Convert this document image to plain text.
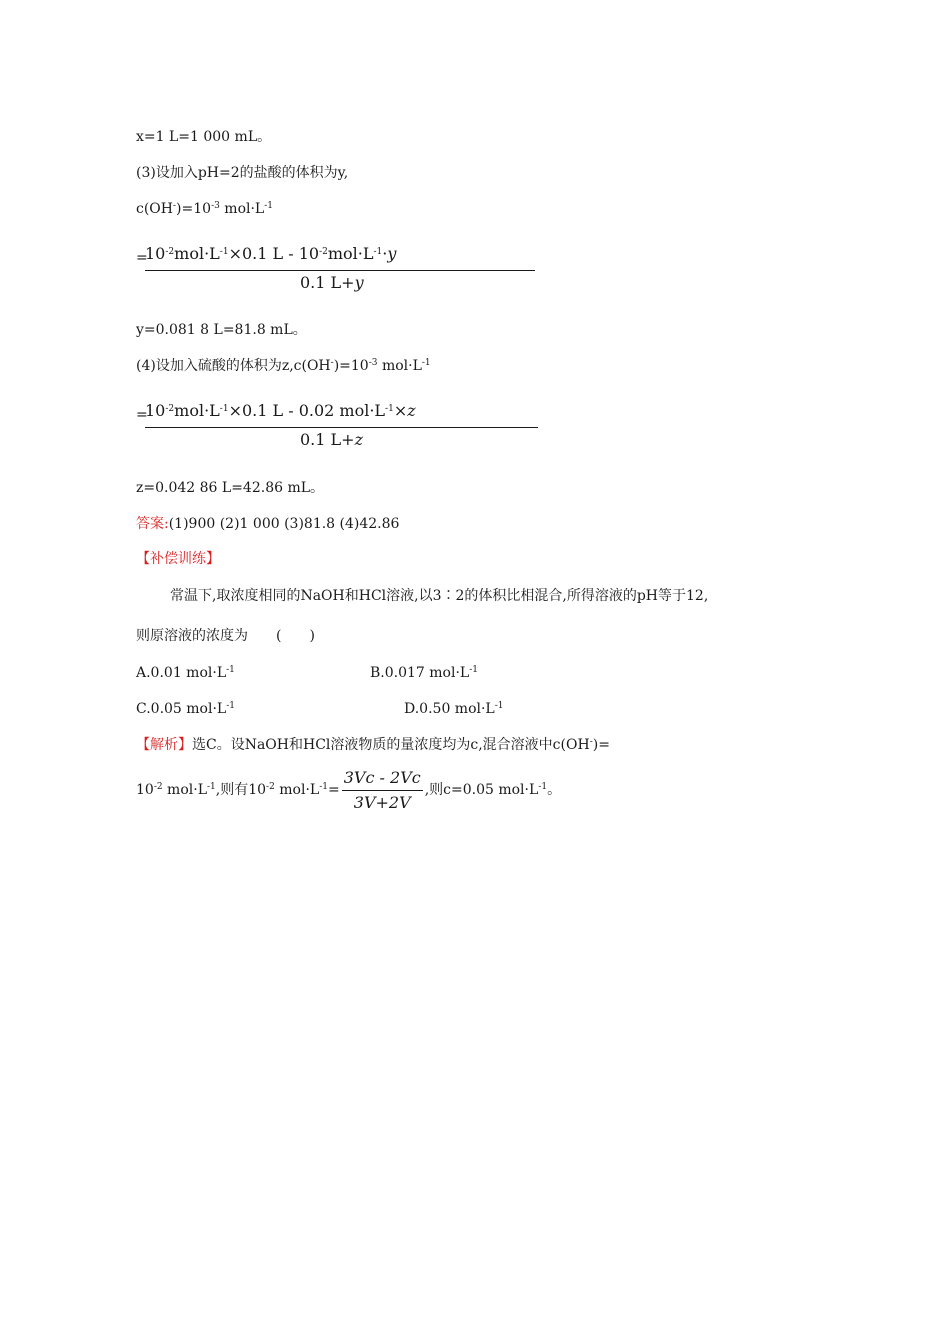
x=1 L=1 000 mL。
(3)设加入pH=2的盐酸的体积为y,
$c(OH^-)=10^{-3}$ $mol\cdot L^{-1}$
=
$10^{-2}mol\cdot L^{-1}\times 0.1$ $L - 10^{-2}mol\cdot L^{-1}\cdot y$
0.1 L+y
y=0.081 8 L=81.8 mL。
(4)设加入硫酸的体积为$z,c(OH^-)=10^{-3}$ $mol\cdot L^{-1}$
=
$10^{-2}mol\cdot L^{-1}\times 0.1$ L - 0.02 $mol\cdot L^{-1}\times z$
0.1 L+z
z=0.042 86 L=42.86 mL。
答案:(1)900 (2)1 000 (3)81.8 (4)42.86
【补偿训练】
常温下,取浓度相同的NaOH和HCl溶液,以3∶2的体积比相混合,所得溶液的pH等于12,
则原溶液的浓度为　　(　　)
A.0.01 $mol\cdot L^{-1}$	B.0.017 $mol\cdot L^{-1}$
C.0.05 $mol\cdot L^{-1}$	D.0.50 $mol\cdot L^{-1}$
【解析】选C。设NaOH和HCl溶液物质的量浓度均为c,混合溶液中c(OH-)=
$10^{-2}$ $mol\cdot L^{-1}$,则有$10^{-2}$ $mol\cdot L^{-1}= \frac{3Vc - 2Vc}{3V+2V}$ ,则c=0.05 $mol\cdot L^{-1}$。
